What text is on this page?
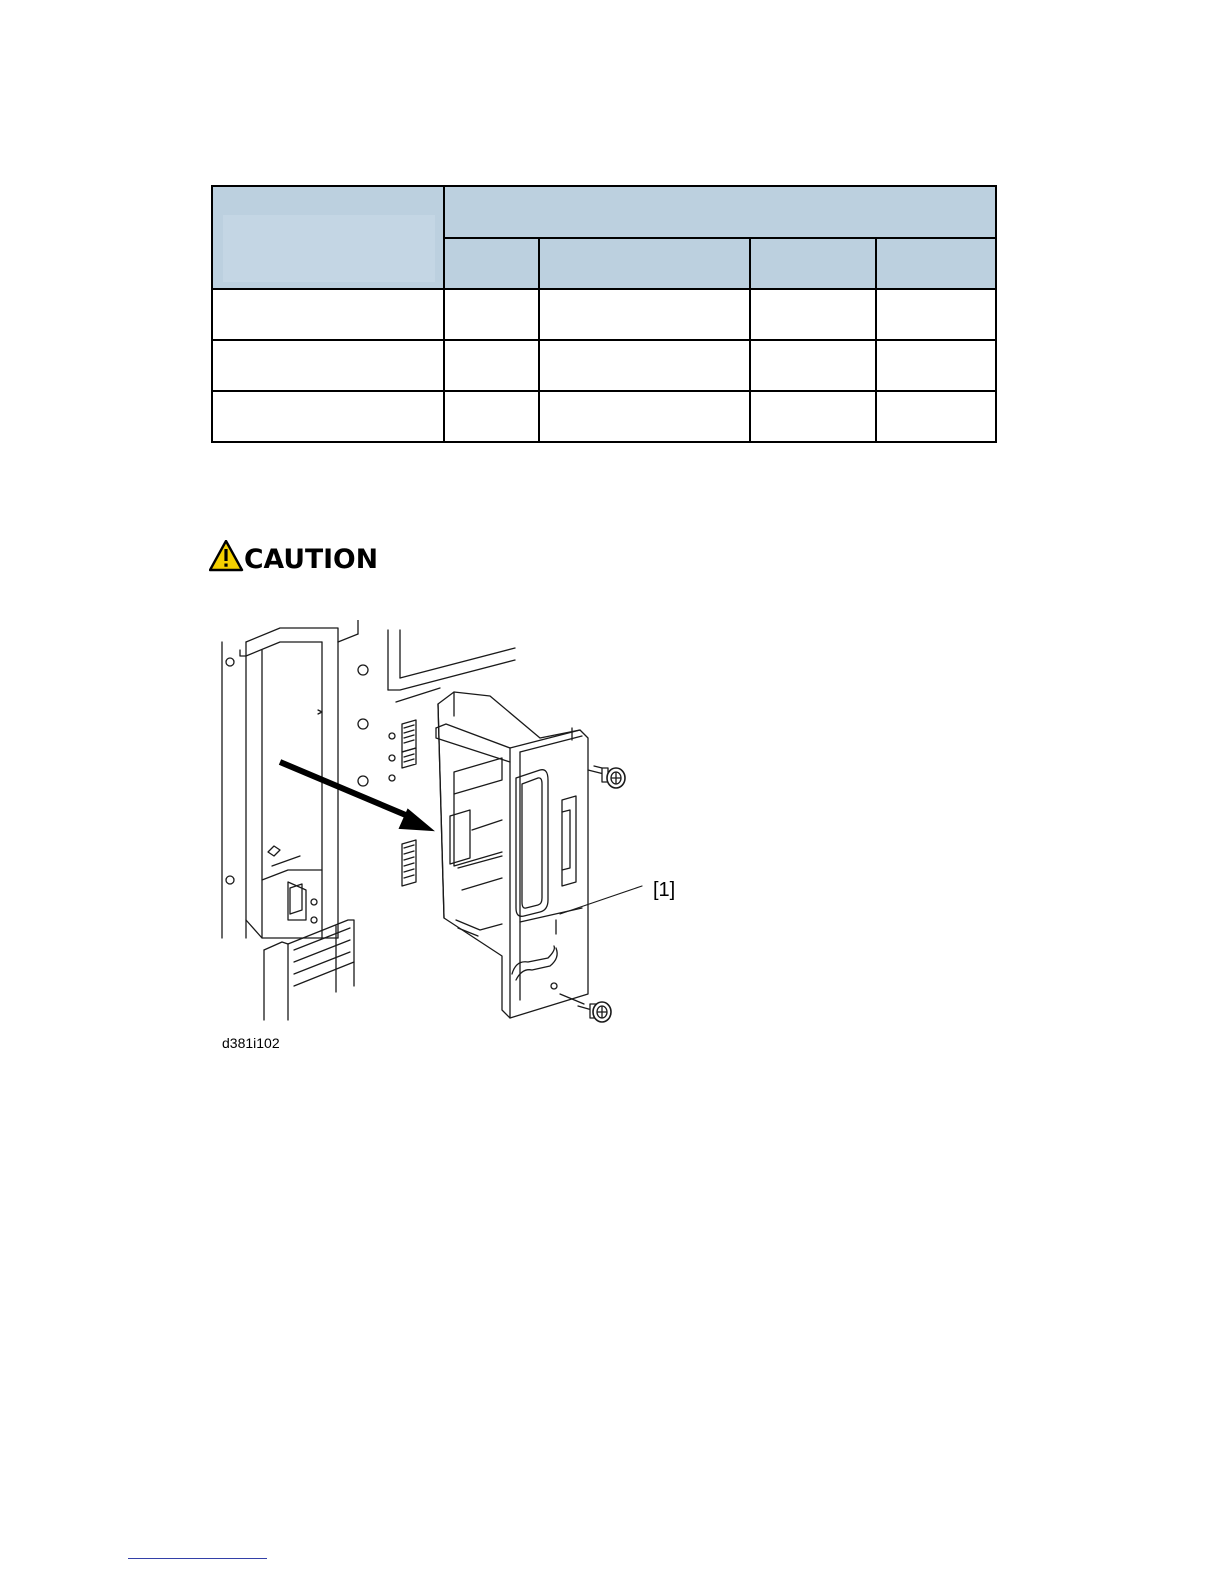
CAUTION
[1]
d381i102
